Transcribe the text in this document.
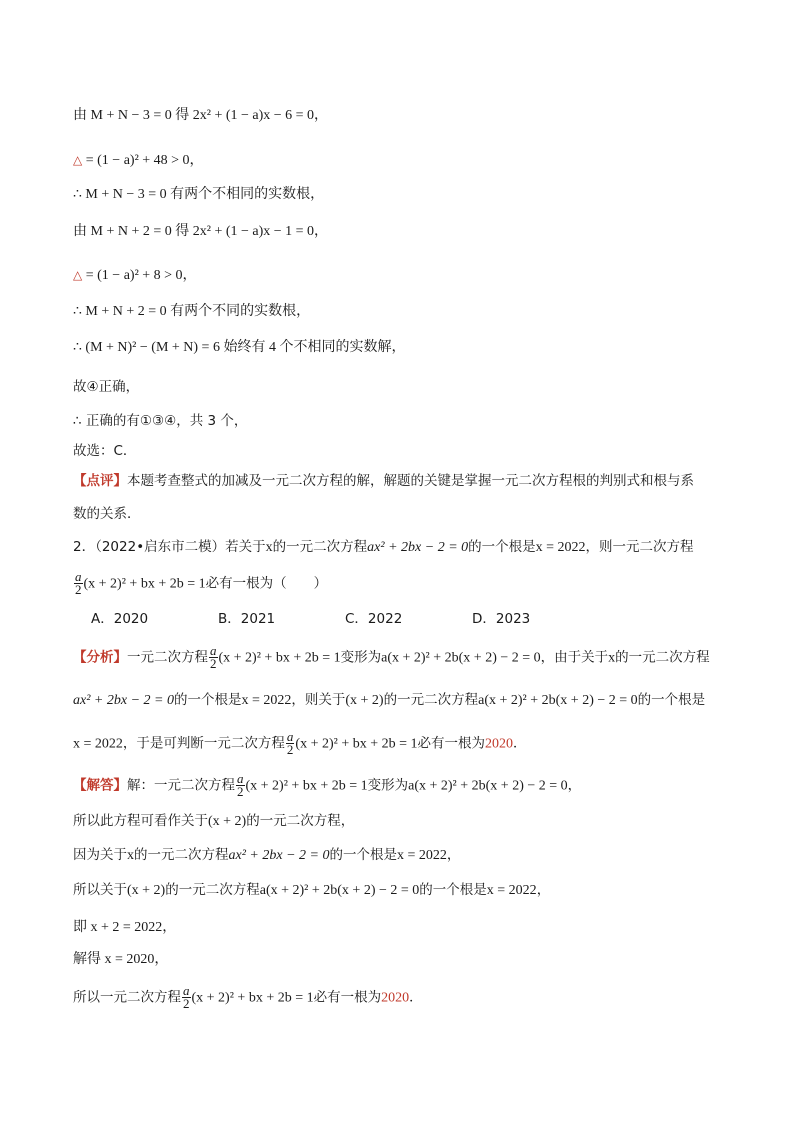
由 M + N − 3 = 0 得 2x² + (1 − a)x − 6 = 0，
△ = (1 − a)² + 48 > 0，
∴ M + N − 3 = 0 有两个不相同的实数根，
由 M + N + 2 = 0 得 2x² + (1 − a)x − 1 = 0，
△ = (1 − a)² + 8 > 0，
∴ M + N + 2 = 0 有两个不同的实数根，
∴ (M + N)² − (M + N) = 6 始终有 4 个不相同的实数解，
故④正确，
∴ 正确的有①③④，共 3 个，
故选：C．
【点评】本题考查整式的加减及一元二次方程的解，解题的关键是掌握一元二次方程根的判别式和根与系
数的关系．
2．（2022•启东市二模）若关于x的一元二次方程ax² + 2bx − 2 = 0的一个根是x = 2022，则一元二次方程
$\frac{a}{2} (x + 2)^2$ + bx + 2b = 1必有一根为（　　）
A．2020	B．2021	C．2022	D．2023
【分析】一元二次方程 $\frac{a}{2} (x + 2)^2$ + bx + 2b = 1变形为a(x + 2)² + 2b(x + 2) − 2 = 0，由于关于x的一元二次方程
ax² + 2bx − 2 = 0的一个根是x = 2022，则关于(x + 2)的一元二次方程a(x + 2)² + 2b(x + 2) − 2 = 0的一个根是
x = 2022，于是可判断一元二次方程 $\frac{a}{2} (x + 2)^2$ + bx + 2b = 1必有一根为2020．
【解答】解：一元二次方程 $\frac{a}{2} (x + 2)^2$ + bx + 2b = 1变形为a(x + 2)² + 2b(x + 2) − 2 = 0，
所以此方程可看作关于(x + 2)的一元二次方程，
因为关于x的一元二次方程ax² + 2bx − 2 = 0的一个根是x = 2022，
所以关于(x + 2)的一元二次方程a(x + 2)² + 2b(x + 2) − 2 = 0的一个根是x = 2022，
即 x + 2 = 2022，
解得 x = 2020，
所以一元二次方程 $\frac{a}{2} (x + 2)^2$ + bx + 2b = 1必有一根为2020．
